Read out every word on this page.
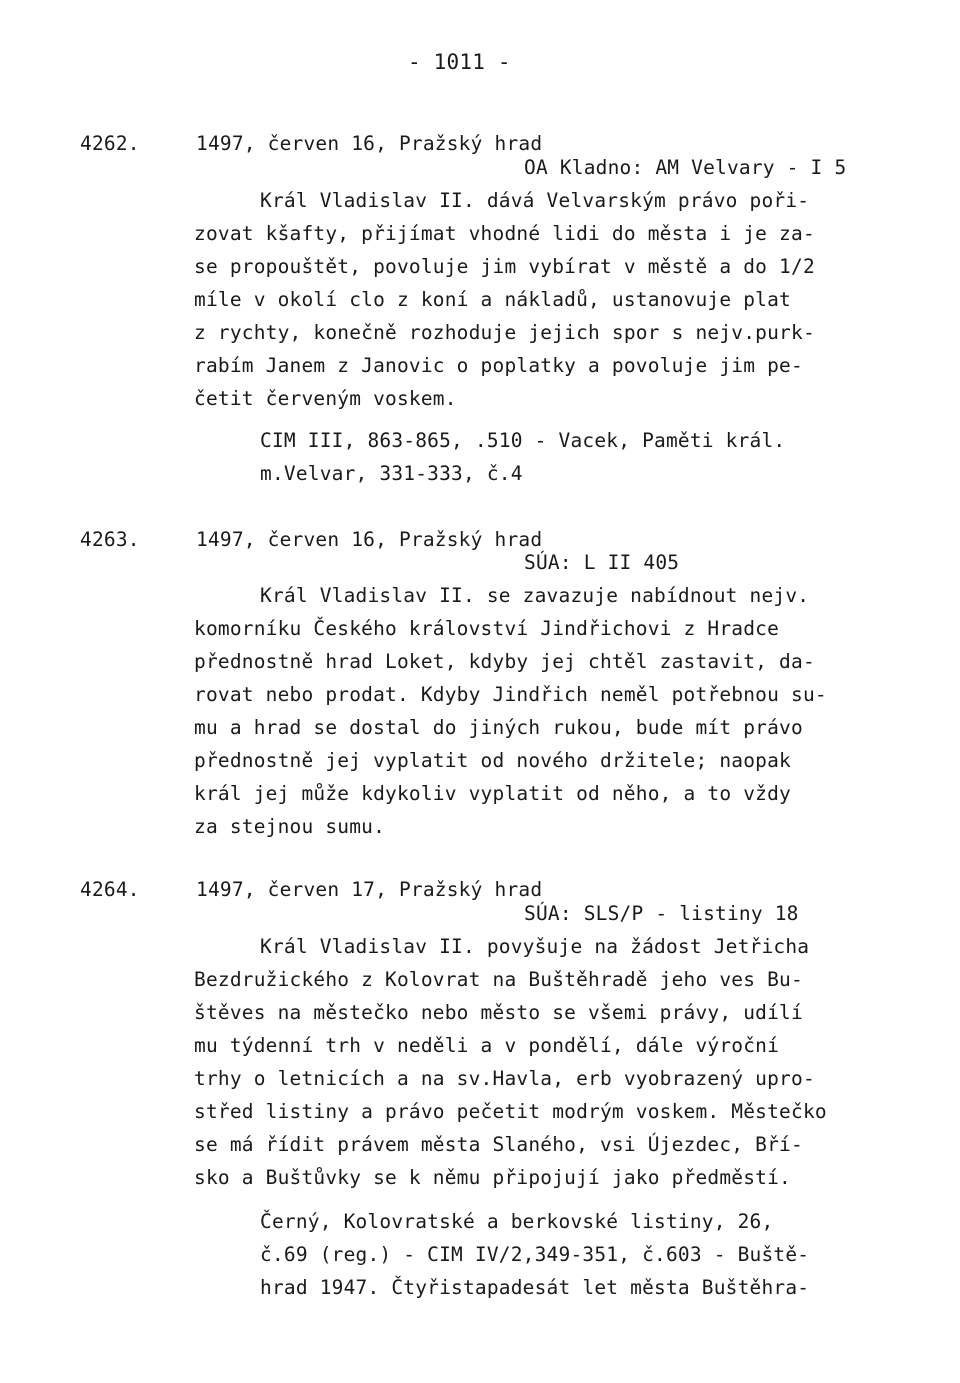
- 1011 -
4262.	1497, červen 16, Pražský hrad
OA Kladno: AM Velvary - I 5
Král Vladislav II. dává Velvarským právo poři-
zovat kšafty, přijímat vhodné lidi do města i je za-
se propouštět, povoluje jim vybírat v městě a do 1/2
míle v okolí clo z koní a nákladů, ustanovuje plat
z rychty, konečně rozhoduje jejich spor s nejv.purk-
rabím Janem z Janovic o poplatky a povoluje jim pe-
četit červeným voskem.
CIM III, 863-865, .510 - Vacek, Paměti král.
m.Velvar, 331-333, č.4
4263.	1497, červen 16, Pražský hrad
SÚA: L II 405
Král Vladislav II. se zavazuje nabídnout nejv.
komorníku Českého království Jindřichovi z Hradce
přednostně hrad Loket, kdyby jej chtěl zastavit, da-
rovat nebo prodat. Kdyby Jindřich neměl potřebnou su-
mu a hrad se dostal do jiných rukou, bude mít právo
přednostně jej vyplatit od nového držitele; naopak
král jej může kdykoliv vyplatit od něho, a to vždy
za stejnou sumu.
4264.	1497, červen 17, Pražský hrad
SÚA: SLS/P - listiny 18
Král Vladislav II. povyšuje na žádost Jetřicha
Bezdružického z Kolovrat na Buštěhradě jeho ves Bu-
štěves na městečko nebo město se všemi právy, udílí
mu týdenní trh v neděli a v pondělí, dále výroční
trhy o letnicích a na sv.Havla, erb vyobrazený upro-
střed listiny a právo pečetit modrým voskem. Městečko
se má řídit právem města Slaného, vsi Újezdec, Bří-
sko a Buštůvky se k němu připojují jako předměstí.
Černý, Kolovratské a berkovské listiny, 26,
č.69 (reg.) - CIM IV/2,349-351, č.603 - Buště-
hrad 1947. Čtyřistapadesát let města Buštěhra-
